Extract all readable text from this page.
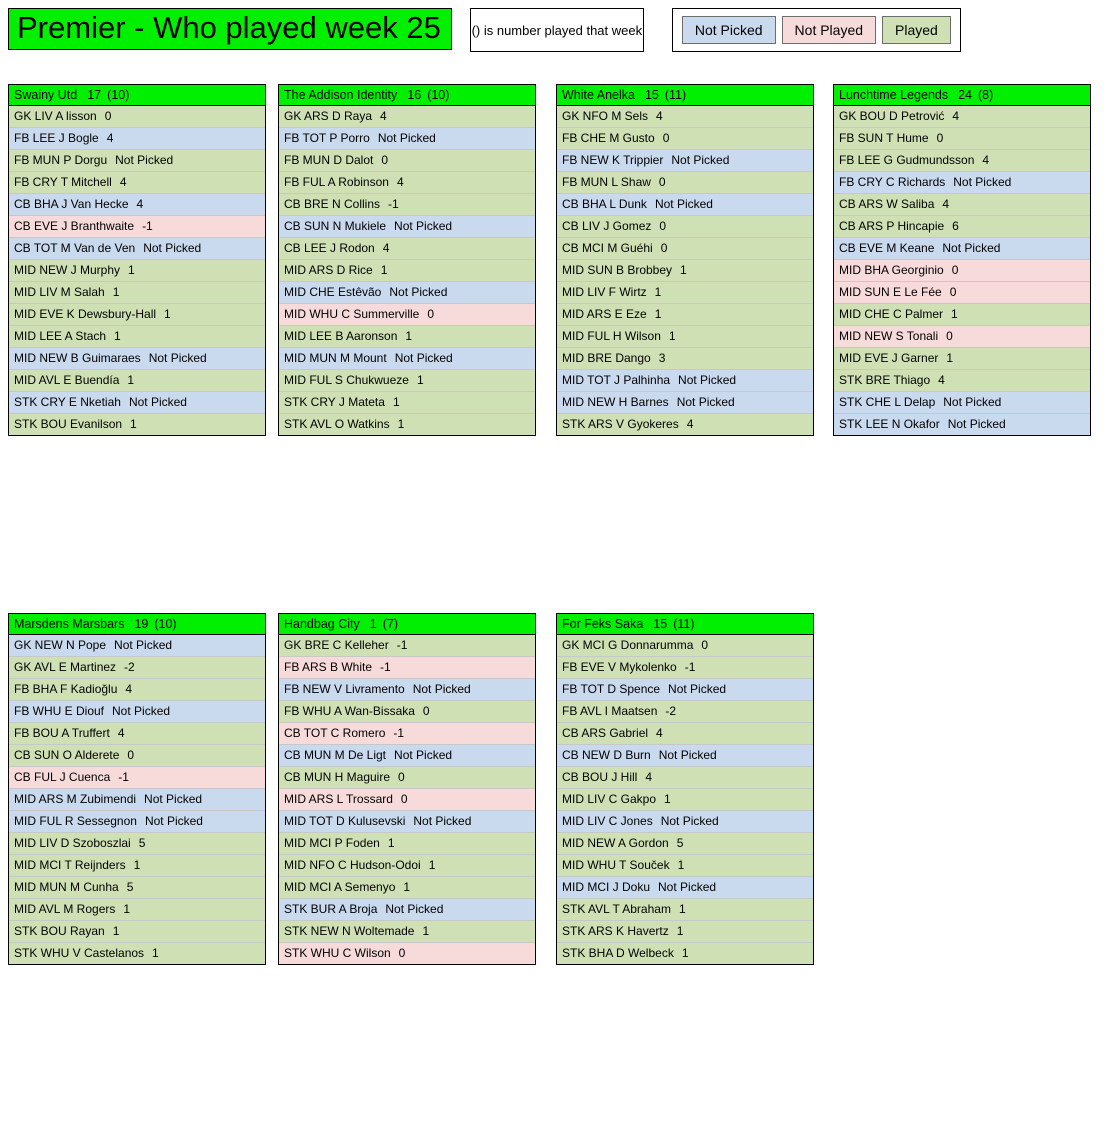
Premier - Who played week 25	() is number played that week	Not Picked	Not Played	Played
Swainy Utd 17 (10)
GK LIV A lisson 0
FB LEE J Bogle 4
FB MUN P Dorgu Not Picked
FB CRY T Mitchell 4
CB BHA J Van Hecke 4
CB EVE J Branthwaite -1
CB TOT M Van de Ven Not Picked
MID NEW J Murphy 1
MID LIV M Salah 1
MID EVE K Dewsbury-Hall 1
MID LEE A Stach 1
MID NEW B Guimaraes Not Picked
MID AVL E Buendía 1
STK CRY E Nketiah Not Picked
STK BOU Evanilson 1
The Addison Identity 16 (10)
GK ARS D Raya 4
FB TOT P Porro Not Picked
FB MUN D Dalot 0
FB FUL A Robinson 4
CB BRE N Collins -1
CB SUN N Mukiele Not Picked
CB LEE J Rodon 4
MID ARS D Rice 1
MID CHE Estêvão Not Picked
MID WHU C Summerville 0
MID LEE B Aaronson 1
MID MUN M Mount Not Picked
MID FUL S Chukwueze 1
STK CRY J Mateta 1
STK AVL O Watkins 1
White Anelka 15 (11)
GK NFO M Sels 4
FB CHE M Gusto 0
FB NEW K Trippier Not Picked
FB MUN L Shaw 0
CB BHA L Dunk Not Picked
CB LIV J Gomez 0
CB MCI M Guéhi 0
MID SUN B Brobbey 1
MID LIV F Wirtz 1
MID ARS E Eze 1
MID FUL H Wilson 1
MID BRE Dango 3
MID TOT J Palhinha Not Picked
MID NEW H Barnes Not Picked
STK ARS V Gyokeres 4
Lunchtime Legends 24 (8)
GK BOU D Petrović 4
FB SUN T Hume 0
FB LEE G Gudmundsson 4
FB CRY C Richards Not Picked
CB ARS W Saliba 4
CB ARS P Hincapie 6
CB EVE M Keane Not Picked
MID BHA Georginio 0
MID SUN E Le Fée 0
MID CHE C Palmer 1
MID NEW S Tonali 0
MID EVE J Garner 1
STK BRE Thiago 4
STK CHE L Delap Not Picked
STK LEE N Okafor Not Picked
Marsdens Marsbars 19 (10)
GK NEW N Pope Not Picked
GK AVL E Martinez -2
FB BHA F Kadioğlu 4
FB WHU E Diouf Not Picked
FB BOU A Truffert 4
CB SUN O Alderete 0
CB FUL J Cuenca -1
MID ARS M Zubimendi Not Picked
MID FUL R Sessegnon Not Picked
MID LIV D Szoboszlai 5
MID MCI T Reijnders 1
MID MUN M Cunha 5
MID AVL M Rogers 1
STK BOU Rayan 1
STK WHU V Castelanos 1
Handbag City 1 (7)
GK BRE C Kelleher -1
FB ARS B White -1
FB NEW V Livramento Not Picked
FB WHU A Wan-Bissaka 0
CB TOT C Romero -1
CB MUN M De Ligt Not Picked
CB MUN H Maguire 0
MID ARS L Trossard 0
MID TOT D Kulusevski Not Picked
MID MCI P Foden 1
MID NFO C Hudson-Odoi 1
MID MCI A Semenyo 1
STK BUR A Broja Not Picked
STK NEW N Woltemade 1
STK WHU C Wilson 0
For Feks Saka 15 (11)
GK MCI G Donnarumma 0
FB EVE V Mykolenko -1
FB TOT D Spence Not Picked
FB AVL I Maatsen -2
CB ARS Gabriel 4
CB NEW D Burn Not Picked
CB BOU J Hill 4
MID LIV C Gakpo 1
MID LIV C Jones Not Picked
MID NEW A Gordon 5
MID WHU T Souček 1
MID MCI J Doku Not Picked
STK AVL T Abraham 1
STK ARS K Havertz 1
STK BHA D Welbeck 1
